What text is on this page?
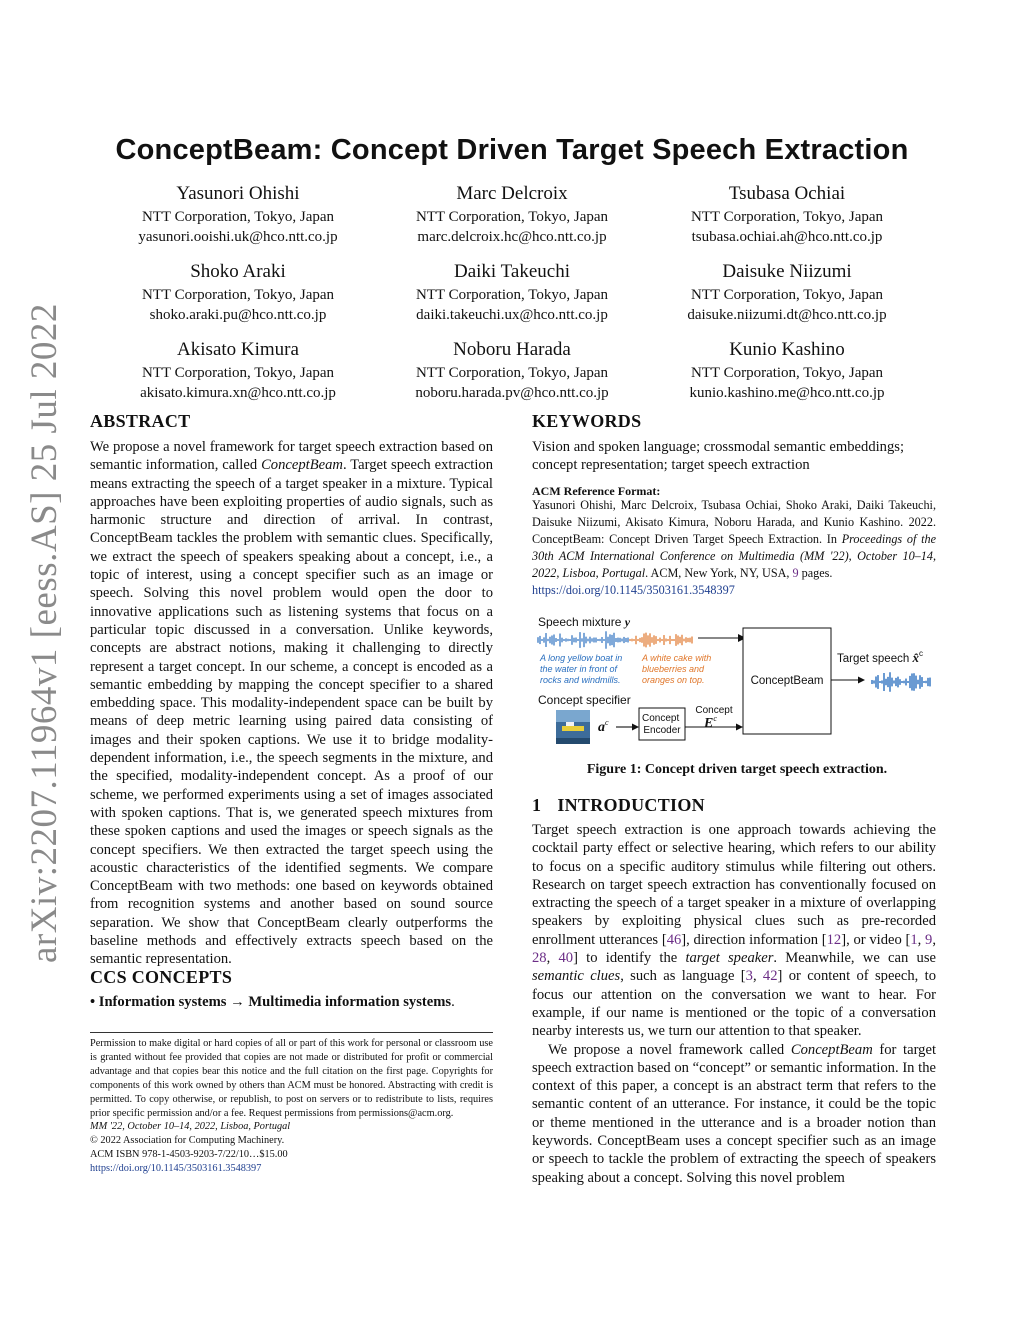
arXiv:2207.11964v1 [eess.AS] 25 Jul 2022
ConceptBeam: Concept Driven Target Speech Extraction
Yasunori Ohishi
NTT Corporation, Tokyo, Japan
yasunori.ooishi.uk@hco.ntt.co.jp
Marc Delcroix
NTT Corporation, Tokyo, Japan
marc.delcroix.hc@hco.ntt.co.jp
Tsubasa Ochiai
NTT Corporation, Tokyo, Japan
tsubasa.ochiai.ah@hco.ntt.co.jp
Shoko Araki
NTT Corporation, Tokyo, Japan
shoko.araki.pu@hco.ntt.co.jp
Daiki Takeuchi
NTT Corporation, Tokyo, Japan
daiki.takeuchi.ux@hco.ntt.co.jp
Daisuke Niizumi
NTT Corporation, Tokyo, Japan
daisuke.niizumi.dt@hco.ntt.co.jp
Akisato Kimura
NTT Corporation, Tokyo, Japan
akisato.kimura.xn@hco.ntt.co.jp
Noboru Harada
NTT Corporation, Tokyo, Japan
noboru.harada.pv@hco.ntt.co.jp
Kunio Kashino
NTT Corporation, Tokyo, Japan
kunio.kashino.me@hco.ntt.co.jp
ABSTRACT

We propose a novel framework for target speech extraction based on semantic information, called ConceptBeam. Target speech extraction means extracting the speech of a target speaker in a mixture. Typical approaches have been exploiting properties of audio signals, such as harmonic structure and direction of arrival. In contrast, ConceptBeam tackles the problem with semantic clues. Specifically, we extract the speech of speakers speaking about a concept, i.e., a topic of interest, using a concept specifier such as an image or speech. Solving this novel problem would open the door to innovative applications such as listening systems that focus on a particular topic discussed in a conversation. Unlike keywords, concepts are abstract notions, making it challenging to directly represent a target concept. In our scheme, a concept is encoded as a semantic embedding by mapping the concept specifier to a shared embedding space. This modality-independent space can be built by means of deep metric learning using paired data consisting of images and their spoken captions. We use it to bridge modality-dependent information, i.e., the speech segments in the mixture, and the specified, modality-independent concept. As a proof of our scheme, we performed experiments using a set of images associated with spoken captions. That is, we generated speech mixtures from these spoken captions and used the images or speech signals as the concept specifiers. We then extracted the target speech using the acoustic characteristics of the identified segments. We compare ConceptBeam with two methods: one based on keywords obtained from recognition systems and another based on sound source separation. We show that ConceptBeam clearly outperforms the baseline methods and effectively extracts speech based on the semantic representation.

CCS CONCEPTS
• Information systems → Multimedia information systems.

Permission to make digital or hard copies of all or part of this work for personal or classroom use is granted without fee provided that copies are not made or distributed for profit or commercial advantage and that copies bear this notice and the full citation on the first page. Copyrights for components of this work owned by others than ACM must be honored. Abstracting with credit is permitted. To copy otherwise, or republish, to post on servers or to redistribute to lists, requires prior specific permission and/or a fee. Request permissions from permissions@acm.org.

MM '22, October 10–14, 2022, Lisboa, Portugal

© 2022 Association for Computing Machinery.

ACM ISBN 978-1-4503-9203-7/22/10…$15.00

https://doi.org/10.1145/3503161.3548397

KEYWORDS
Vision and spoken language; crossmodal semantic embeddings; concept representation; target speech extraction
ACM Reference Format:
Yasunori Ohishi, Marc Delcroix, Tsubasa Ochiai, Shoko Araki, Daiki Takeuchi, Daisuke Niizumi, Akisato Kimura, Noboru Harada, and Kunio Kashino. 2022. ConceptBeam: Concept Driven Target Speech Extraction. In Proceedings of the 30th ACM International Conference on Multimedia (MM '22), October 10–14, 2022, Lisboa, Portugal. ACM, New York, NY, USA, 9 pages.
https://doi.org/10.1145/3503161.3548397
Speech mixture y
A long yellow boat in the water in front of rocks and windmills.
A white cake with blueberries and oranges on top.
Concept specifier
$a^c$	Concept Encoder
Concept
$E^c$
ConceptBeam
Target speech x̂$^c$
Figure 1: Concept driven target speech extraction.
1 INTRODUCTION

Target speech extraction is one approach towards achieving the cocktail party effect or selective hearing, which refers to our ability to focus on a specific auditory stimulus while filtering out others. Research on target speech extraction has conventionally focused on extracting the speech of a target speaker in a mixture of overlapping speakers by exploiting physical clues such as pre-recorded enrollment utterances [46], direction information [12], or video [1, 9, 28, 40] to identify the target speaker. Meanwhile, we can use semantic clues, such as language [3, 42] or content of speech, to focus our attention on the conversation we want to hear. For example, if our name is mentioned or the topic of a conversation nearby interests us, we turn our attention to that speaker.

We propose a novel framework called ConceptBeam for target speech extraction based on “concept” or semantic information. In the context of this paper, a concept is an abstract term that refers to the semantic content of an utterance. For instance, it could be the topic or theme mentioned in the utterance and is a broader notion than keywords. ConceptBeam uses a concept specifier such as an image or speech to tackle the problem of extracting the speech of speakers speaking about a concept. Solving this novel problem
